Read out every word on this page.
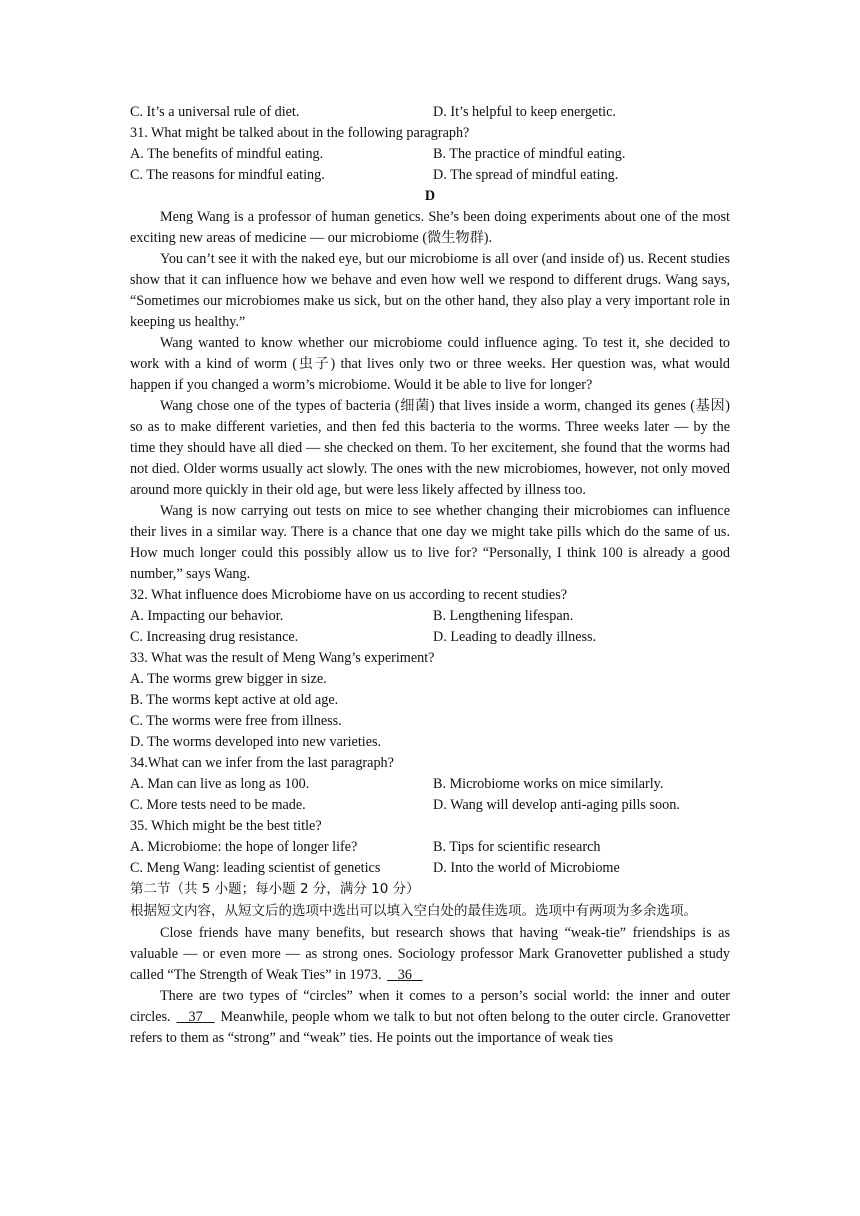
C. It’s a universal rule of diet.	D. It’s helpful to keep energetic.
31. What might be talked about in the following paragraph?
A. The benefits of mindful eating.	B. The practice of mindful eating.
C. The reasons for mindful eating.	D. The spread of mindful eating.
D

Meng Wang is a professor of human genetics. She’s been doing experiments about one of the most exciting new areas of medicine — our microbiome (微生物群).

You can’t see it with the naked eye, but our microbiome is all over (and inside of) us. Recent studies show that it can influence how we behave and even how well we respond to different drugs. Wang says, “Sometimes our microbiomes make us sick, but on the other hand, they also play a very important role in keeping us healthy.”

Wang wanted to know whether our microbiome could influence aging. To test it, she decided to work with a kind of worm (虫子) that lives only two or three weeks. Her question was, what would happen if you changed a worm’s microbiome. Would it be able to live for longer?

Wang chose one of the types of bacteria (细菌) that lives inside a worm, changed its genes (基因) so as to make different varieties, and then fed this bacteria to the worms. Three weeks later — by the time they should have all died — she checked on them. To her excitement, she found that the worms had not died. Older worms usually act slowly. The ones with the new microbiomes, however, not only moved around more quickly in their old age, but were less likely affected by illness too.

Wang is now carrying out tests on mice to see whether changing their microbiomes can influence their lives in a similar way. There is a chance that one day we might take pills which do the same of us. How much longer could this possibly allow us to live for? “Personally, I think 100 is already a good number,” says Wang.

32. What influence does Microbiome have on us according to recent studies?
A. Impacting our behavior.	B. Lengthening lifespan.
C. Increasing drug resistance.	D. Leading to deadly illness.
33. What was the result of Meng Wang’s experiment?
A. The worms grew bigger in size.
B. The worms kept active at old age.
C. The worms were free from illness.
D. The worms developed into new varieties.
34.What can we infer from the last paragraph?
A. Man can live as long as 100.	B. Microbiome works on mice similarly.
C. More tests need to be made.	D. Wang will develop anti-aging pills soon.
35. Which might be the best title?
A. Microbiome: the hope of longer life?	B. Tips for scientific research
C. Meng Wang: leading scientist of genetics	D. Into the world of Microbiome
第二节（共 5 小题；每小题 2 分，满分 10 分）
根据短文内容，从短文后的选项中选出可以填入空白处的最佳选项。选项中有两项为多余选项。

Close friends have many benefits, but research shows that having “weak-tie” friendships is as valuable — or even more — as strong ones. Sociology professor Mark Granovetter published a study called “The Strength of Weak Ties” in 1973.    36

There are two types of “circles” when it comes to a person’s social world: the inner and outer circles.    37    Meanwhile, people whom we talk to but not often belong to the outer circle. Granovetter refers to them as “strong” and “weak” ties. He points out the importance of weak ties
